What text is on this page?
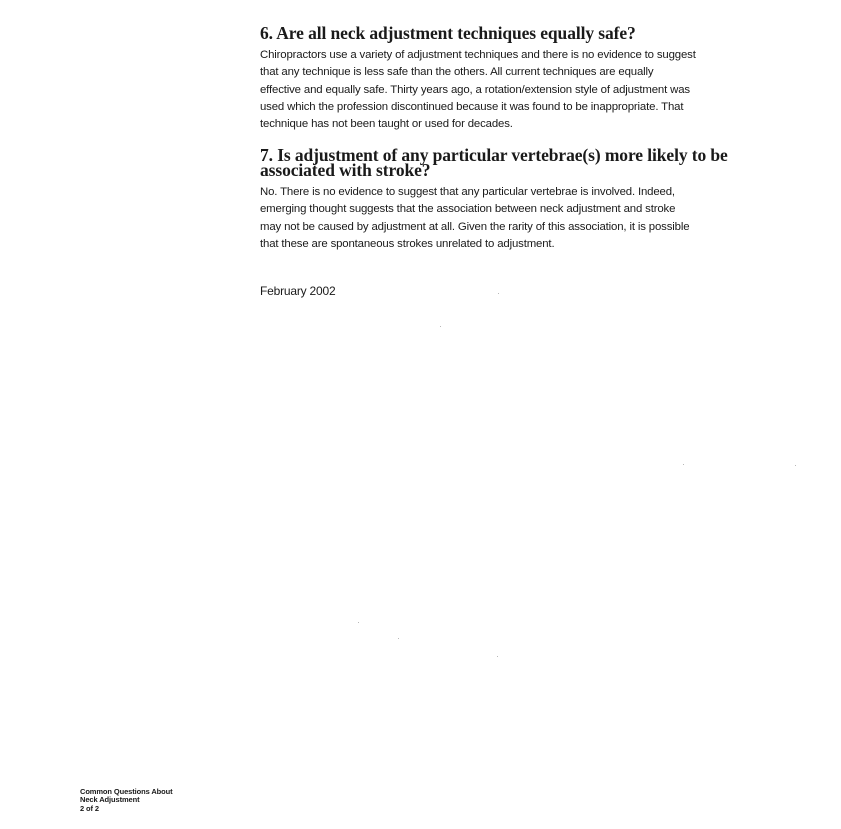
6. Are all neck adjustment techniques equally safe?

Chiropractors use a variety of adjustment techniques and there is no evidence to suggest
that any technique is less safe than the others. All current techniques are equally
effective and equally safe. Thirty years ago, a rotation/extension style of adjustment was
used which the profession discontinued because it was found to be inappropriate. That
technique has not been taught or used for decades.

7. Is adjustment of any particular vertebrae(s) more likely to be
associated with stroke?

No. There is no evidence to suggest that any particular vertebrae is involved. Indeed,
emerging thought suggests that the association between neck adjustment and stroke
may not be caused by adjustment at all. Given the rarity of this association, it is possible
that these are spontaneous strokes unrelated to adjustment.

February 2002
Common Questions About
Neck Adjustment
2 of 2
